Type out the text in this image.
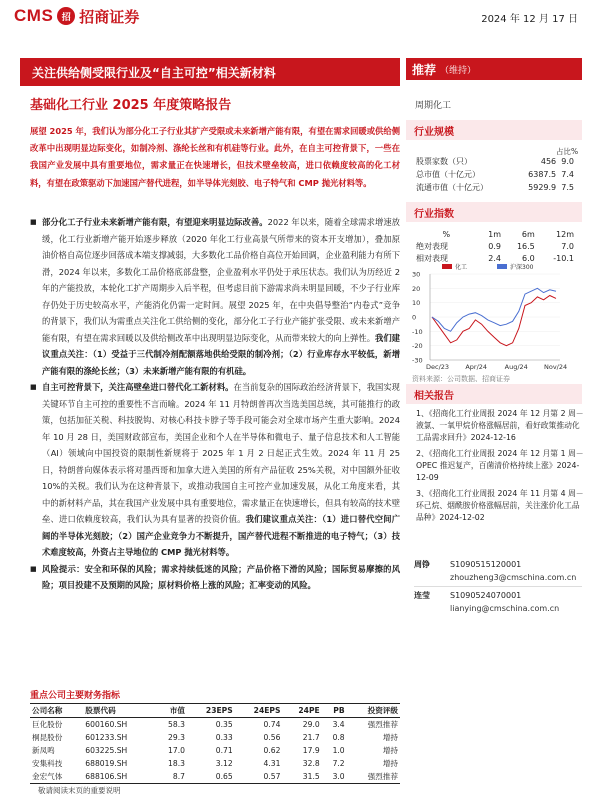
CMS 招 招商证券	2024 年 12 月 17 日
关注供给侧受限行业及“自主可控”相关新材料	推荐 （维持）
基础化工行业 2025 年度策略报告	周期化工
展望 2025 年，我们认为部分化工子行业其扩产受限或未来新增产能有限，有望在需求回暖或供给侧改革中出现明显边际变化，如制冷剂、涤纶长丝和有机硅等行业。此外，在自主可控背景下，一些在我国产业发展中具有重要地位，需求量正在快速增长，但技术壁垒较高，进口依赖度较高的化工材料，有望在政策驱动下加速国产替代进程，如半导体光刻胶、电子特气和 CMP 抛光材料等。
■ 部分化工子行业未来新增产能有限，有望迎来明显边际改善。2022 年以来，随着全球需求增速放缓，化工行业新增产能开始逐步释放（2020 年化工行业高景气所带来的资本开支增加），叠加原油价格自高位逐步回落成本端支撑减弱，大多数化工品价格自高位开始回调，企业盈利能力有所下滑，2024 年以来，多数化工品价格底部盘整，企业盈利水平仍处于承压状态。我们认为历经近 2 年的产能投放，本轮化工扩产周期步入后半程，但考虑目前下游需求尚未明显回暖，不少子行业库存仍处于历史较高水平，产能消化仍需一定时间。展望 2025 年，在中央倡导整治“内卷式”竞争的背景下，我们认为需重点关注化工供给侧的变化，部分化工子行业产能扩张受限、或未来新增产能有限，有望在需求回暖以及供给侧改革中出现明显边际变化，从而带来较大的向上弹性。我们建议重点关注：（1）受益于三代制冷剂配额落地供给受限的制冷剂；（2）行业库存水平较低，新增产能有限的涤纶长丝；（3）未来新增产能有限的有机硅。
■ 自主可控背景下，关注高壁垒进口替代化工新材料。在当前复杂的国际政治经济背景下，我国实现关键环节自主可控的重要性不言而喻。2024 年 11 月特朗普再次当选美国总统，其可能推行的政策，包括加征关税、科技脱钩、对核心科技卡脖子等手段可能会对全球市场产生重大影响。2024 年 10 月 28 日，美国财政部宣布，美国企业和个人在半导体和微电子、量子信息技术和人工智能（AI）领域向中国投资的限制性新规将于 2025 年 1 月 2 日起正式生效。2024 年 11 月 25 日，特朗普向媒体表示将对墨西哥和加拿大进入美国的所有产品征收 25%关税，对中国额外征收 10%的关税。我们认为在这种背景下，或推动我国自主可控产业加速发展，从化工角度来看，其中的新材料产品，其在我国产业发展中具有重要地位，需求量正在快速增长，但具有较高的技术壁垒、进口依赖度较高，我们认为具有显著的投资价值。我们建议重点关注：（1）进口替代空间广阔的半导体光刻胶；（2）国产企业竞争力不断提升，国产替代进程不断推进的电子特气；（3）技术难度较高，外资占主导地位的 CMP 抛光材料等。
■ 风险提示：安全和环保的风险；需求持续低迷的风险；产品价格下滑的风险；国际贸易摩擦的风险；项目投建不及预期的风险；原材料价格上涨的风险；汇率变动的风险。
重点公司主要财务指标
公司名称	股票代码	市值	23EPS	24EPS	24PE	PB	投资评级
巨化股份	600160.SH	58.3	0.35	0.74	29.0	3.4	强烈推荐
桐昆股份	601233.SH	29.3	0.33	0.56	21.7	0.8	增持
新凤鸣	603225.SH	17.0	0.71	0.62	17.9	1.0	增持
安集科技	688019.SH	18.3	3.12	4.31	32.8	7.2	增持
金宏气体	688106.SH	8.7	0.65	0.57	31.5	3.0	强烈推荐
敬请阅读末页的重要说明
行业规模
占比%
股票家数（只）	456	9.0
总市值（十亿元）	6387.5	7.4
流通市值（十亿元）	5929.9	7.5
行业指数
%	1m	6m	12m
绝对表现	0.9	16.5	7.0
相对表现	2.4	6.0	-10.1
化工	沪深300
30
20
10
0
-10
-20
-30
Dec/23	Apr/24	Aug/24 Nov/24
资料来源：公司数据、招商证券
相关报告
1、《招商化工行业周报 2024 年 12 月第 2 周－液氯、一氧甲烷价格涨幅居前，看好政策推动化工品需求回升》2024-12-16
2、《招商化工行业周报 2024 年 12 月第 1 周－OPEC 推迟复产，百菌清价格持续上涨》2024-12-09
3、《招商化工行业周报 2024 年 11 月第 4 周－环己烷、烟酰胺价格涨幅居前，关注涨价化工品品种》2024-12-02
周铮	S1090515120001
zhouzheng3@cmschina.com.cn
连莹	S1090524070001
lianying@cmschina.com.cn
